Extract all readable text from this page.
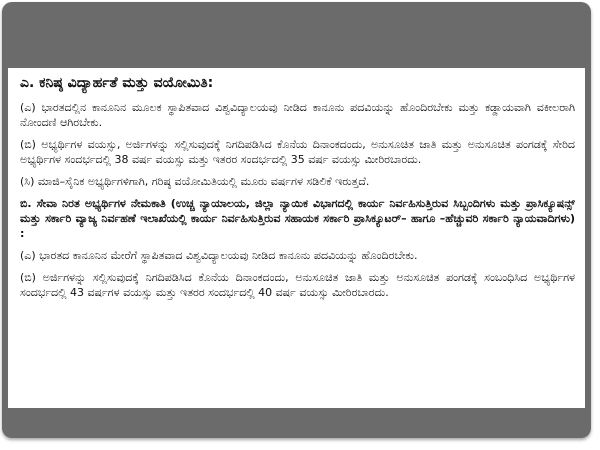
ಎ. ಕನಿಷ್ಠ ವಿದ್ಯಾರ್ಹತೆ ಮತ್ತು ವಯೋಮಿತಿ:

(ಎ) ಭಾರತದಲ್ಲಿನ ಕಾನೂನಿನ ಮೂಲಕ ಸ್ಥಾಪಿತವಾದ ವಿಶ್ವವಿದ್ಯಾಲಯವು ನೀಡಿದ ಕಾನೂನು ಪದವಿಯನ್ನು ಹೊಂದಿರಬೇಕು ಮತ್ತು ಕಡ್ಡಾಯವಾಗಿ ವಕೀಲರಾಗಿ ನೋಂದಣಿ ಆಗಿರಬೇಕು.

(ಬಿ) ಅಭ್ಯರ್ಥಿಗಳ ವಯಸ್ಸು, ಅರ್ಜಿಗಳನ್ನು ಸಲ್ಲಿಸುವುದಕ್ಕೆ ನಿಗದಿಪಡಿಸಿದ ಕೊನೆಯ ದಿನಾಂಕದಂದು, ಅನುಸೂಚಿತ ಜಾತಿ ಮತ್ತು ಅನುಸೂಚಿತ ಪಂಗಡಕ್ಕೆ ಸೇರಿದ ಅಭ್ಯರ್ಥಿಗಳ ಸಂದರ್ಭದಲ್ಲಿ 38 ವರ್ಷ ವಯಸ್ಸು ಮತ್ತು ಇತರರ ಸಂದರ್ಭದಲ್ಲಿ 35 ವರ್ಷ ವಯಸ್ಸು ಮೀರಿರಬಾರದು.

(ಸಿ) ಮಾಜಿ–ಸೈನಿಕ ಅಭ್ಯರ್ಥಿಗಳಿಗಾಗಿ, ಗರಿಷ್ಠ ವಯೋಮಿತಿಯಲ್ಲಿ ಮೂರು ವರ್ಷಗಳ ಸಡಿಲಿಕೆ ಇರುತ್ತದೆ.

ಬಿ. ಸೇವಾ ನಿರತ ಅಭ್ಯರ್ಥಿಗಳ ನೇಮಕಾತಿ (ಉಚ್ಚ ನ್ಯಾಯಾಲಯ, ಜಿಲ್ಲಾ ನ್ಯಾಯಿಕ ವಿಭಾಗದಲ್ಲಿ ಕಾರ್ಯ ನಿರ್ವಹಿಸುತ್ತಿರುವ ಸಿಬ್ಬಂದಿಗಳು ಮತ್ತು ಪ್ರಾಸಿಕ್ಯೂಷನ್ಸ್ ಮತ್ತು ಸರ್ಕಾರಿ ವ್ಯಾಜ್ಯ ನಿರ್ವಹಣೆ ಇಲಾಖೆಯಲ್ಲಿ ಕಾರ್ಯ ನಿರ್ವಹಿಸುತ್ತಿರುವ ಸಹಾಯಕ ಸರ್ಕಾರಿ ಪ್ರಾಸಿಕ್ಯೂಟರ್– ಹಾಗೂ –ಹೆಚ್ಚುವರಿ ಸರ್ಕಾರಿ ನ್ಯಾಯವಾದಿಗಳು) :

(ಎ) ಭಾರತದ ಕಾನೂನಿನ ಮೇರೆಗೆ ಸ್ಥಾಪಿತವಾದ ವಿಶ್ವವಿದ್ಯಾಲಯವು ನೀಡಿದ ಕಾನೂನು ಪದವಿಯನ್ನು ಹೊಂದಿರಬೇಕು.

(ಬಿ) ಅರ್ಜಿಗಳನ್ನು ಸಲ್ಲಿಸುವುದಕ್ಕೆ ನಿಗದಿಪಡಿಸಿದ ಕೊನೆಯ ದಿನಾಂಕದಂದು, ಅನುಸೂಚಿತ ಜಾತಿ ಮತ್ತು ಅನುಸೂಚಿತ ಪಂಗಡಕ್ಕೆ ಸಂಬಂಧಿಸಿದ ಅಭ್ಯರ್ಥಿಗಳ ಸಂದರ್ಭದಲ್ಲಿ 43 ವರ್ಷಗಳ ವಯಸ್ಸು ಮತ್ತು ಇತರರ ಸಂದರ್ಭದಲ್ಲಿ 40 ವರ್ಷ ವಯಸ್ಸು ಮೀರಿರಬಾರದು.
